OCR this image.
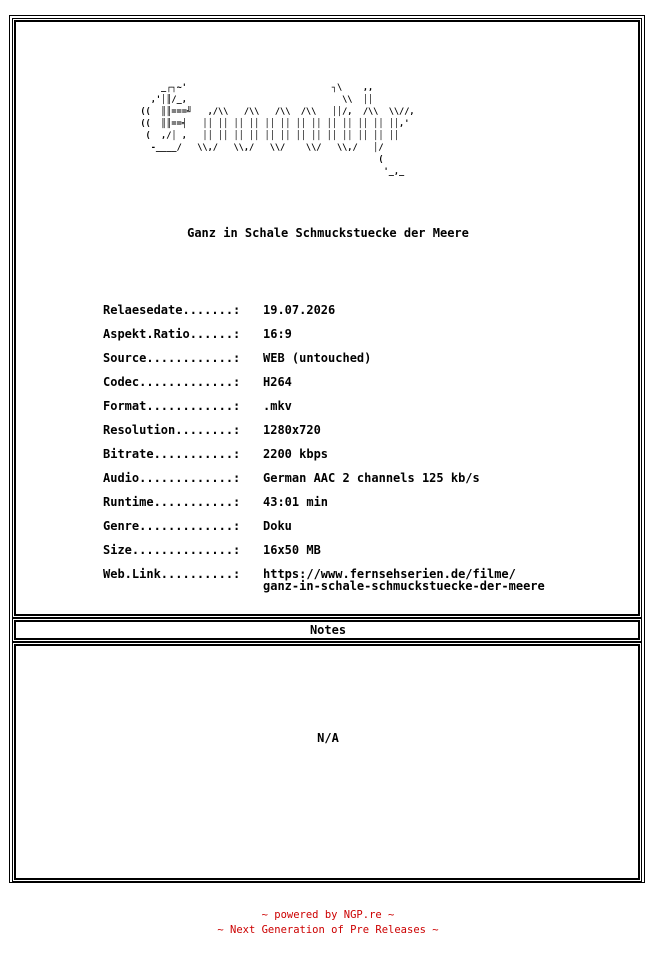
_┌┐~'                            ┐\    ,,
,'│║/_,                              \\  ││
((  ║║===╝   ,/\\   /\\   /\\  /\\   ││/,  /\\  \\//,
((  ║║==╡   ││ ││ ││ ││ ││ ││ ││ ││ ││ ││ ││ ││ ││,'
(  ,/│ ,   ││ ││ ││ ││ ││ ││ ││ ││ ││ ││ ││ ││ ││
-____/   \\,/   \\,/   \\/    \\/   \\,/   │/
(
'_,_
Ganz in Schale Schmuckstuecke der Meere
Relaesedate.......:	19.07.2026
Aspekt.Ratio......:	16:9
Source............:	WEB (untouched)
Codec.............:	H264
Format............:	.mkv
Resolution........:	1280x720
Bitrate...........:	2200 kbps
Audio.............:	German AAC 2 channels 125 kb/s
Runtime...........:	43:01 min
Genre.............:	Doku
Size..............:	16x50 MB
Web.Link..........:	https://www.fernsehserien.de/filme/
ganz-in-schale-schmuckstuecke-der-meere
Notes
N/A
~ powered by NGP.re ~
~ Next Generation of Pre Releases ~
